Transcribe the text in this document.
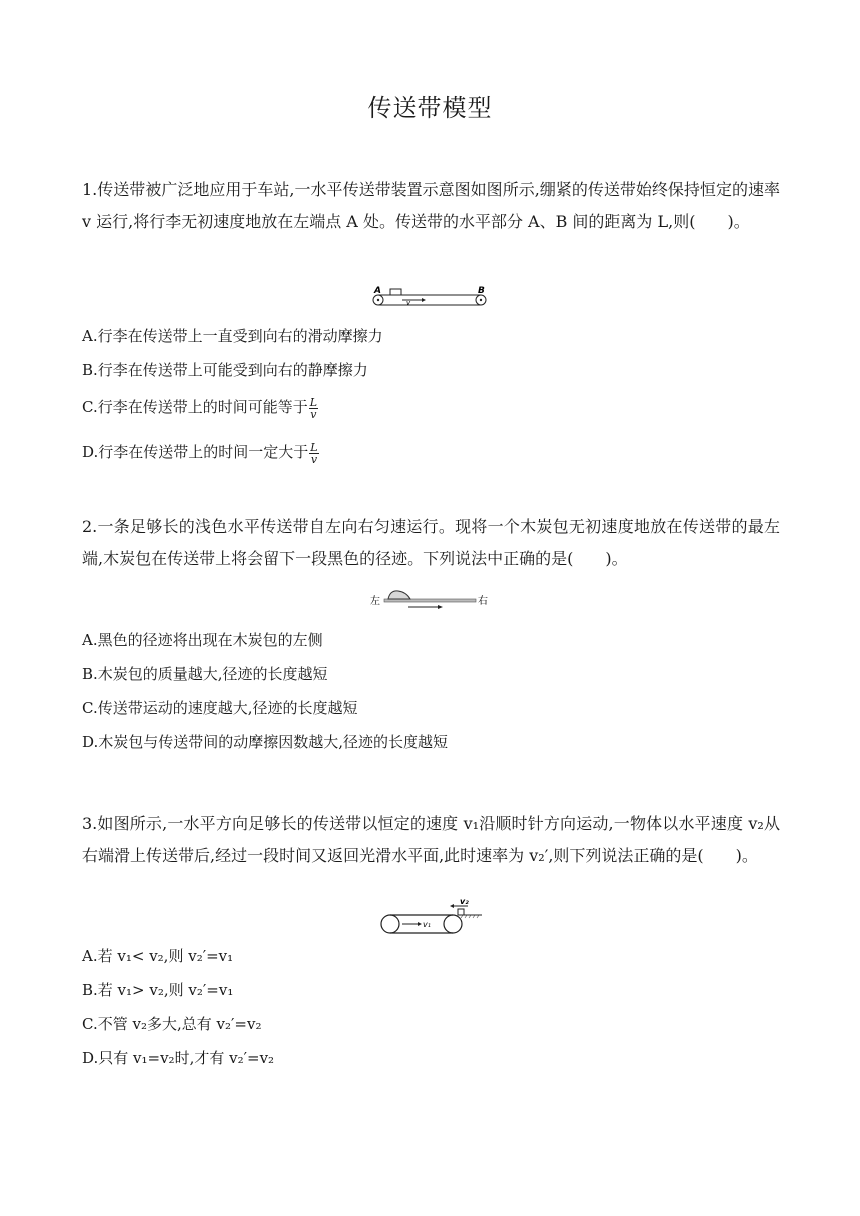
传送带模型
1.传送带被广泛地应用于车站,一水平传送带装置示意图如图所示,绷紧的传送带始终保持恒定的速率 v 运行,将行李无初速度地放在左端点 A 处。传送带的水平部分 A、B 间的距离为 L,则(　　)。
A	B
v
A.行李在传送带上一直受到向右的滑动摩擦力
B.行李在传送带上可能受到向右的静摩擦力
C.行李在传送带上的时间可能等于 $\frac{L}{v}$
D.行李在传送带上的时间一定大于 $\frac{L}{v}$
2.一条足够长的浅色水平传送带自左向右匀速运行。现将一个木炭包无初速度地放在传送带的最左端,木炭包在传送带上将会留下一段黑色的径迹。下列说法中正确的是(　　)。
左	右
A.黑色的径迹将出现在木炭包的左侧
B.木炭包的质量越大,径迹的长度越短
C.传送带运动的速度越大,径迹的长度越短
D.木炭包与传送带间的动摩擦因数越大,径迹的长度越短
3.如图所示,一水平方向足够长的传送带以恒定的速度 v₁沿顺时针方向运动,一物体以水平速度 v₂从右端滑上传送带后,经过一段时间又返回光滑水平面,此时速率为 v₂′,则下列说法正确的是(　　)。
v₁
v₂
A.若 v₁< v₂,则 v₂′=v₁
B.若 v₁> v₂,则 v₂′=v₁
C.不管 v₂多大,总有 v₂′=v₂
D.只有 v₁=v₂时,才有 v₂′=v₂
